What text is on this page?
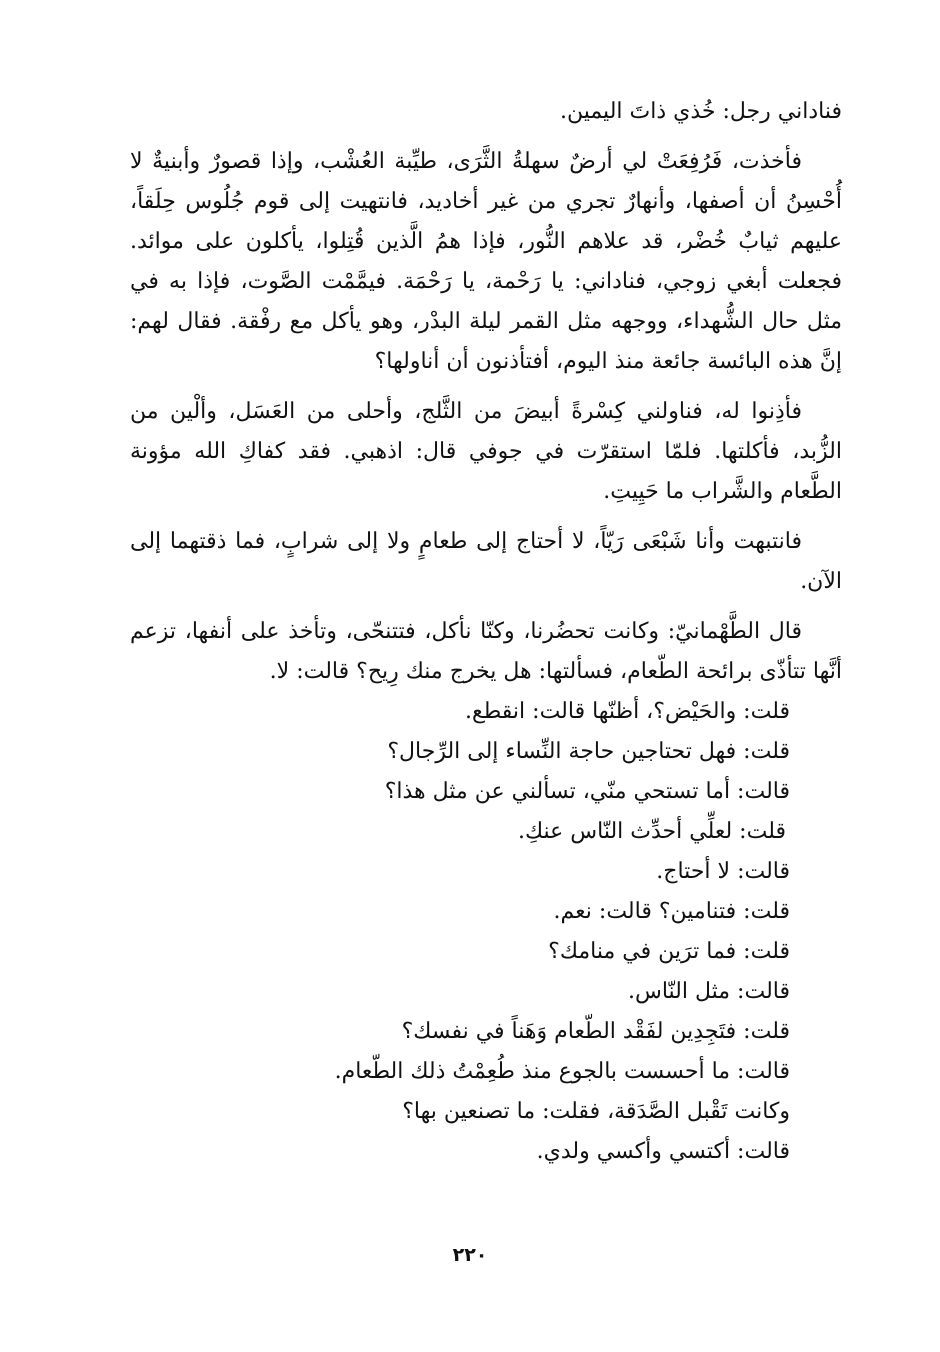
فناداني رجل: خُذي ذاتَ اليمين.

فأخذت، فَرُفِعَتْ لي أرضٌ سهلةُ الثَّرَى، طيِّبة العُشْب، وإذا قصورٌ وأبنيةٌ لا أُحْسِنُ أن أصفها، وأنهارٌ تجري من غير أخاديد، فانتهيت إلى قوم جُلُوس حِلَقاً، عليهم ثيابٌ خُضْر، قد علاهم النُّور، فإذا همُ الَّذين قُتِلوا، يأكلون على موائد. فجعلت أبغي زوجي، فناداني: يا رَحْمة، يا رَحْمَة. فيمَّمْت الصَّوت، فإذا به في مثل حال الشُّهداء، ووجهه مثل القمر ليلة البدْر، وهو يأكل مع رفْقة. فقال لهم: إنَّ هذه البائسة جائعة منذ اليوم، أفتأذنون أن أناولها؟

فأذِنوا له، فناولني كِسْرةً أبيضَ من الثَّلج، وأحلى من العَسَل، وألْين من الزُّبد، فأكلتها. فلمّا استقرّت في جوفي قال: اذهبي. فقد كفاكِ الله مؤونة الطَّعام والشَّراب ما حَيِيتِ.

فانتبهت وأنا شَبْعَى رَيّاً، لا أحتاج إلى طعامٍ ولا إلى شرابٍ، فما ذقتهما إلى الآن.

قال الطَّهْمانيّ: وكانت تحضُرنا، وكنّا نأكل، فتتنحّى، وتأخذ على أنفها، تزعم أنَّها تتأذّى برائحة الطّعام، فسألتها: هل يخرج منك رِيح؟ قالت: لا.

قلت: والحَيْض؟، أظنّها قالت: انقطع.
قلت: فهل تحتاجين حاجة النِّساء إلى الرِّجال؟
قالت: أما تستحي منّي، تسألني عن مثل هذا؟
قلت: لعلِّي أحدِّث النّاس عنكِ.
قالت: لا أحتاج.
قلت: فتنامين؟ قالت: نعم.
قلت: فما ترَين في منامك؟
قالت: مثل النّاس.
قلت: فتَجِدِين لفَقْد الطّعام وَهَناً في نفسك؟
قالت: ما أحسست بالجوع منذ طُعِمْتُ ذلك الطّعام.
وكانت تَقْبل الصَّدَقة، فقلت: ما تصنعين بها؟
قالت: أكتسي وأكسي ولدي.
٢٢٠
